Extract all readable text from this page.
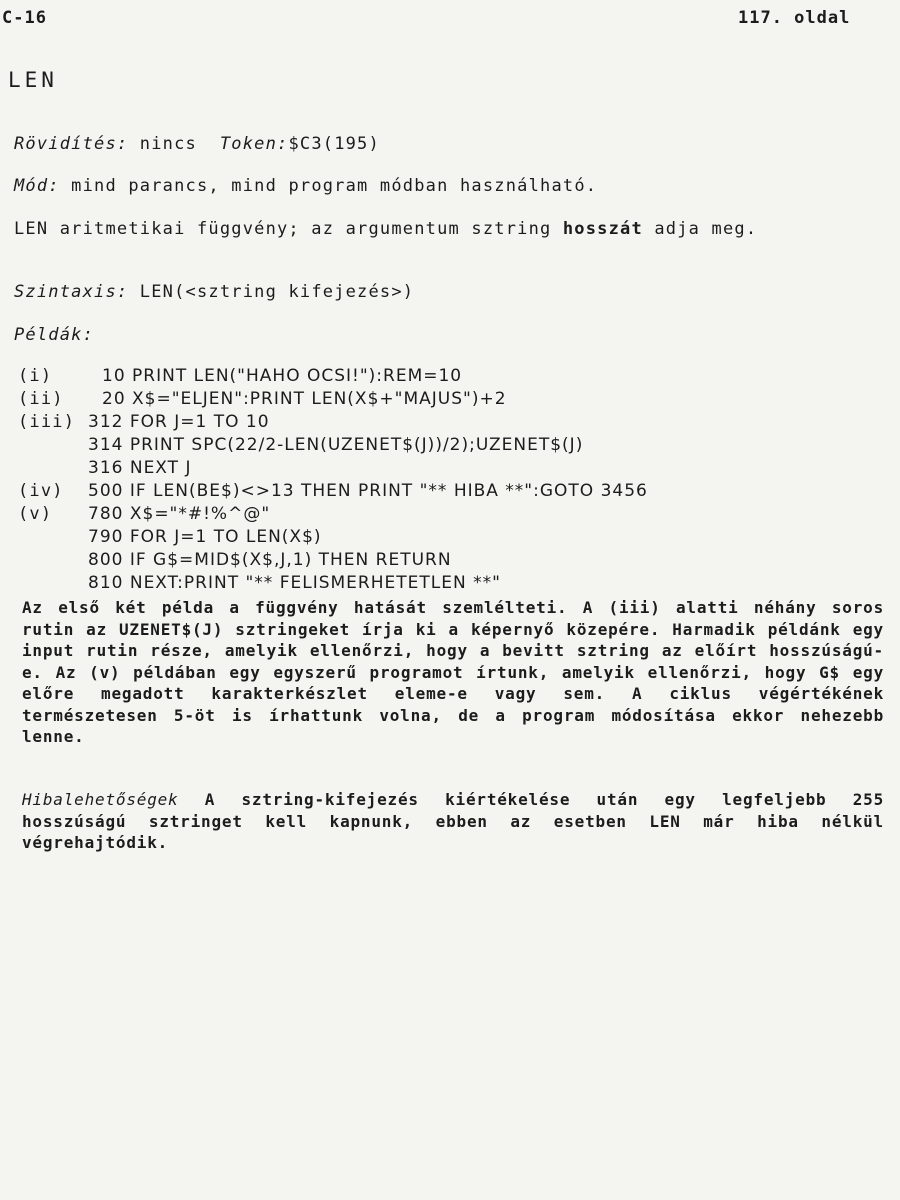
C-16	117. oldal
LEN
Rövidítés: nincs  Token:$C3(195)
Mód: mind parancs, mind program módban használható.
LEN aritmetikai függvény; az argumentum sztring hosszát adja meg.
Szintaxis: LEN(<sztring kifejezés>)
Példák:

(i)	10 PRINT LEN("HAHO OCSI!"):REM=10

(ii) 20 X$="ELJEN":PRINT LEN(X$+"MAJUS")+2

(iii) 312 FOR J=1 TO 10

314 PRINT SPC(22/2-LEN(UZENET$(J))/2);UZENET$(J)

316 NEXT J

(iv) 500 IF LEN(BE$)<>13 THEN PRINT "** HIBA **":GOTO 3456

(v) 780 X$="*#!%^@"

790 FOR J=1 TO LEN(X$)

800 IF G$=MID$(X$,J,1) THEN RETURN

810 NEXT:PRINT "** FELISMERHETETLEN **"

Az első két példa a függvény hatását szemlélteti. A (iii) alatti néhány soros rutin az UZENET$(J) sztringeket írja ki a képernyő közepére. Harmadik példánk egy input rutin része, amelyik ellenőrzi, hogy a bevitt sztring az előírt hosszúságú-e. Az (v) példában egy egyszerű programot írtunk, amelyik ellenőrzi, hogy G$ egy előre megadott karakterkészlet eleme-e vagy sem. A ciklus végértékének természetesen 5-öt is írhattunk volna, de a program módosítása ekkor nehezebb lenne.
Hibalehetőségek A sztring-kifejezés kiértékelése után egy legfeljebb 255 hosszúságú sztringet kell kapnunk, ebben az esetben LEN már hiba nélkül végrehajtódik.
